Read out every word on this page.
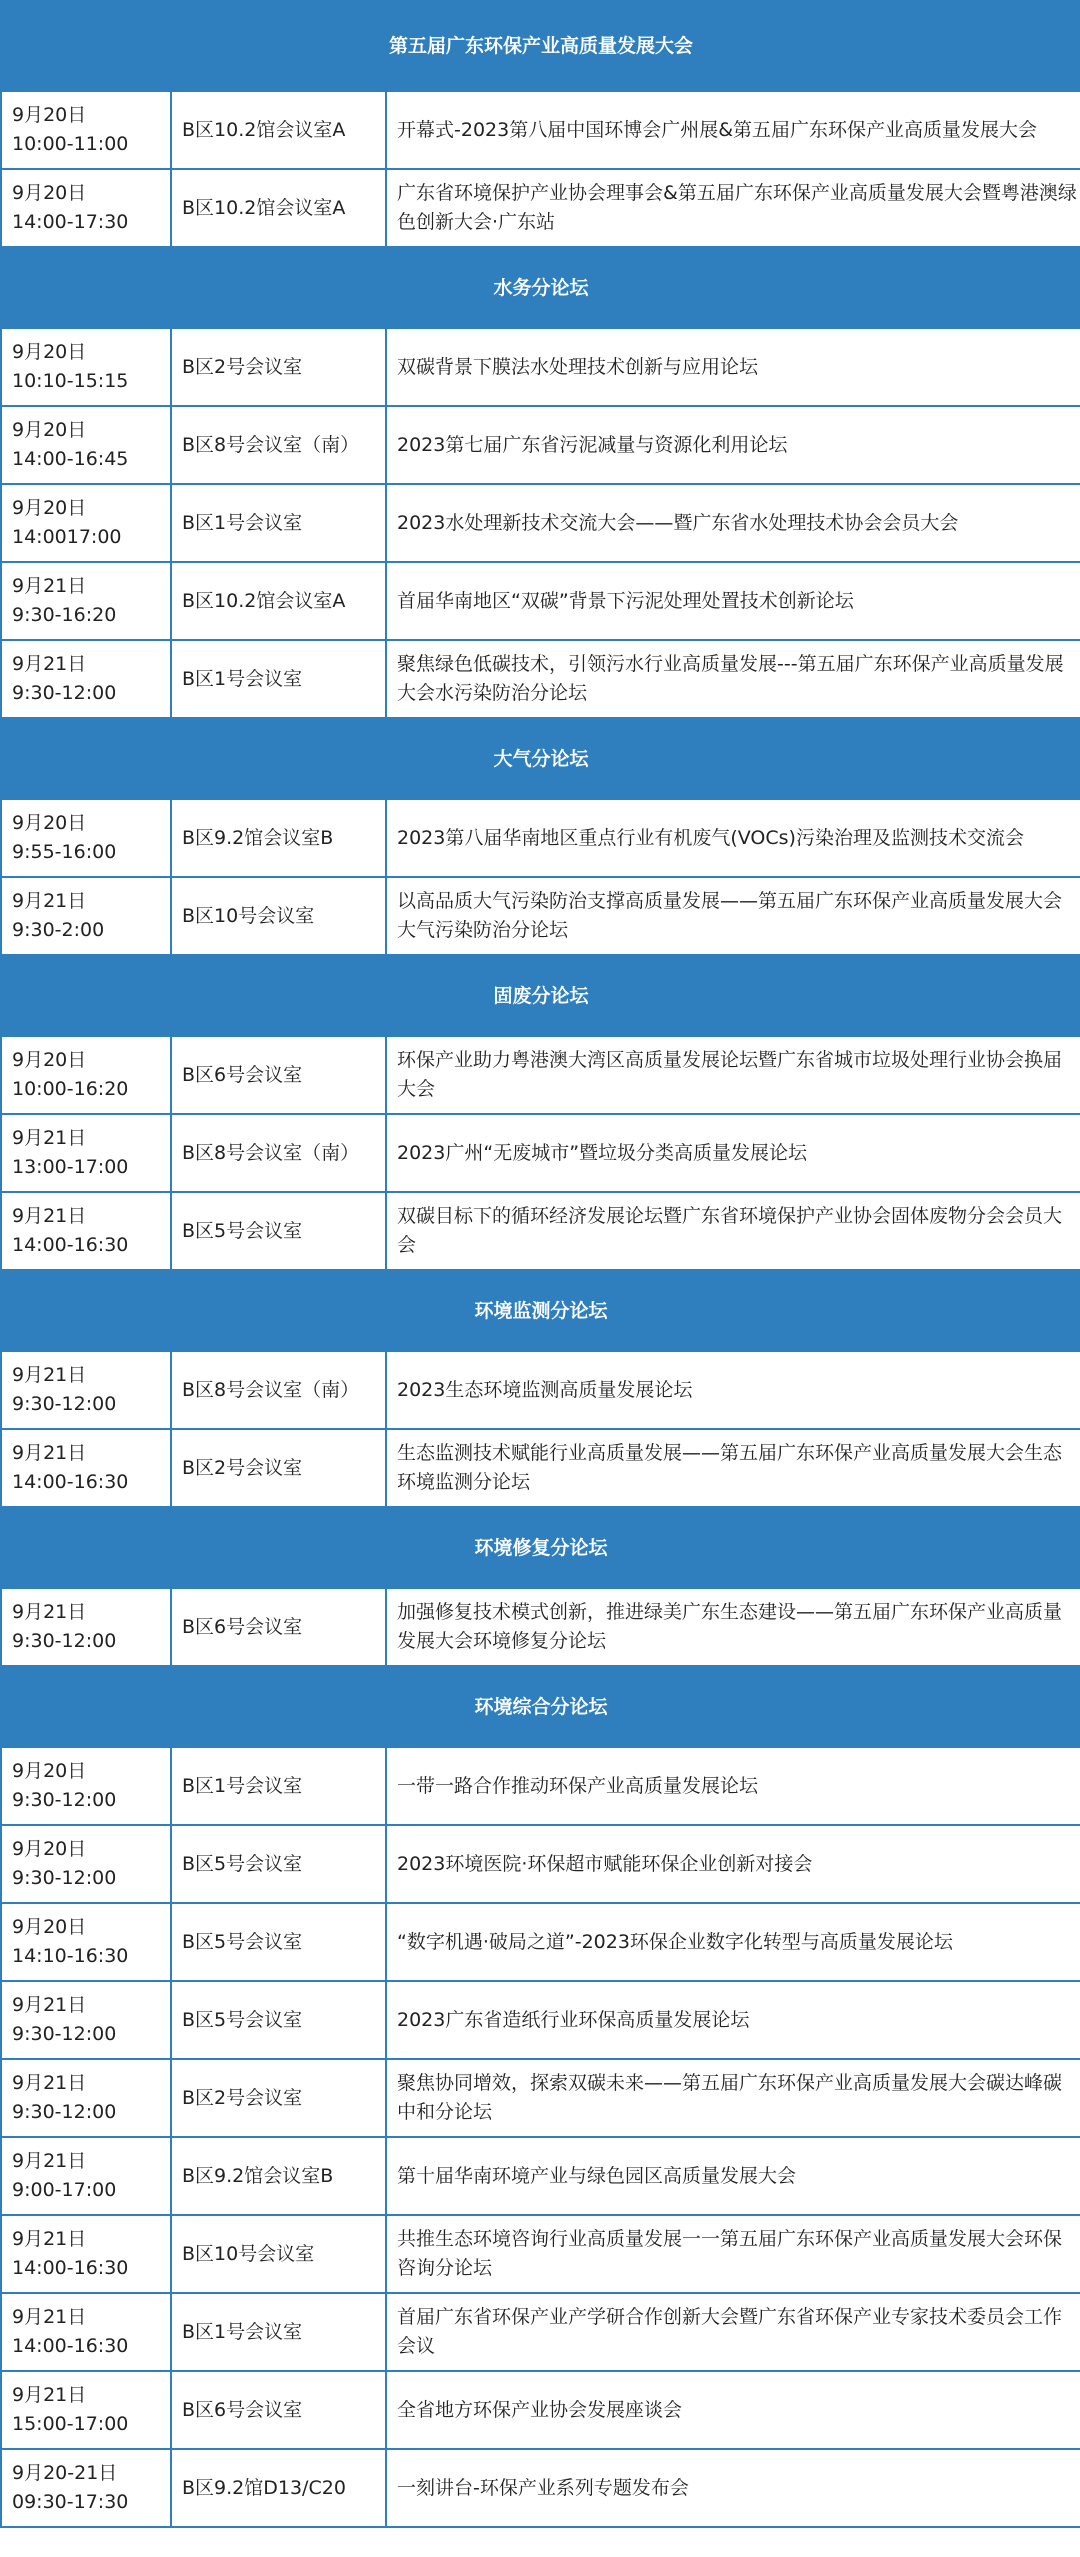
第五届广东环保产业高质量发展大会		

9月20日
10:00-11:00	B区10.2馆会议室A	开幕式-2023第八届中国环博会广州展&第五届广东环保产业高质量发展大会

9月20日
14:00-17:30	B区10.2馆会议室A	广东省环境保护产业协会理事会&第五届广东环保产业高质量发展大会暨粤港澳绿色创新大会·广东站
水务分论坛		

9月20日
10:10-15:15	B区2号会议室	双碳背景下膜法水处理技术创新与应用论坛

9月20日
14:00-16:45	B区8号会议室（南）	2023第七届广东省污泥减量与资源化利用论坛

9月20日
14:0017:00	B区1号会议室	2023水处理新技术交流大会——暨广东省水处理技术协会会员大会

9月21日
9:30-16:20	B区10.2馆会议室A	首届华南地区“双碳”背景下污泥处理处置技术创新论坛

9月21日
9:30-12:00	B区1号会议室	聚焦绿色低碳技术，引领污水行业高质量发展---第五届广东环保产业高质量发展大会水污染防治分论坛
大气分论坛		

9月20日
9:55-16:00	B区9.2馆会议室B	2023第八届华南地区重点行业有机废气(VOCs)污染治理及监测技术交流会

9月21日
9:30-2:00	B区10号会议室	以高品质大气污染防治支撑高质量发展——第五届广东环保产业高质量发展大会大气污染防治分论坛
固废分论坛		

9月20日
10:00-16:20	B区6号会议室	环保产业助力粤港澳大湾区高质量发展论坛暨广东省城市垃圾处理行业协会换届大会

9月21日
13:00-17:00	B区8号会议室（南）	2023广州“无废城市”暨垃圾分类高质量发展论坛

9月21日
14:00-16:30	B区5号会议室	双碳目标下的循环经济发展论坛暨广东省环境保护产业协会固体废物分会会员大会
环境监测分论坛		

9月21日
9:30-12:00	B区8号会议室（南）	2023生态环境监测高质量发展论坛

9月21日
14:00-16:30	B区2号会议室	生态监测技术赋能行业高质量发展——第五届广东环保产业高质量发展大会生态环境监测分论坛
环境修复分论坛		

9月21日
9:30-12:00	B区6号会议室	加强修复技术模式创新，推进绿美广东生态建设——第五届广东环保产业高质量发展大会环境修复分论坛
环境综合分论坛		

9月20日
9:30-12:00	B区1号会议室	一带一路合作推动环保产业高质量发展论坛

9月20日
9:30-12:00	B区5号会议室	2023环境医院·环保超市赋能环保企业创新对接会

9月20日
14:10-16:30	B区5号会议室	“数字机遇·破局之道”-2023环保企业数字化转型与高质量发展论坛

9月21日
9:30-12:00	B区5号会议室	2023广东省造纸行业环保高质量发展论坛

9月21日
9:30-12:00	B区2号会议室	聚焦协同增效，探索双碳未来——第五届广东环保产业高质量发展大会碳达峰碳中和分论坛

9月21日
9:00-17:00	B区9.2馆会议室B	第十届华南环境产业与绿色园区高质量发展大会

9月21日
14:00-16:30	B区10号会议室	共推生态环境咨询行业高质量发展一一第五届广东环保产业高质量发展大会环保咨询分论坛

9月21日
14:00-16:30	B区1号会议室	首届广东省环保产业产学研合作创新大会暨广东省环保产业专家技术委员会工作会议

9月21日
15:00-17:00	B区6号会议室	全省地方环保产业协会发展座谈会

9月20-21日
09:30-17:30	B区9.2馆D13/C20	一刻讲台-环保产业系列专题发布会
